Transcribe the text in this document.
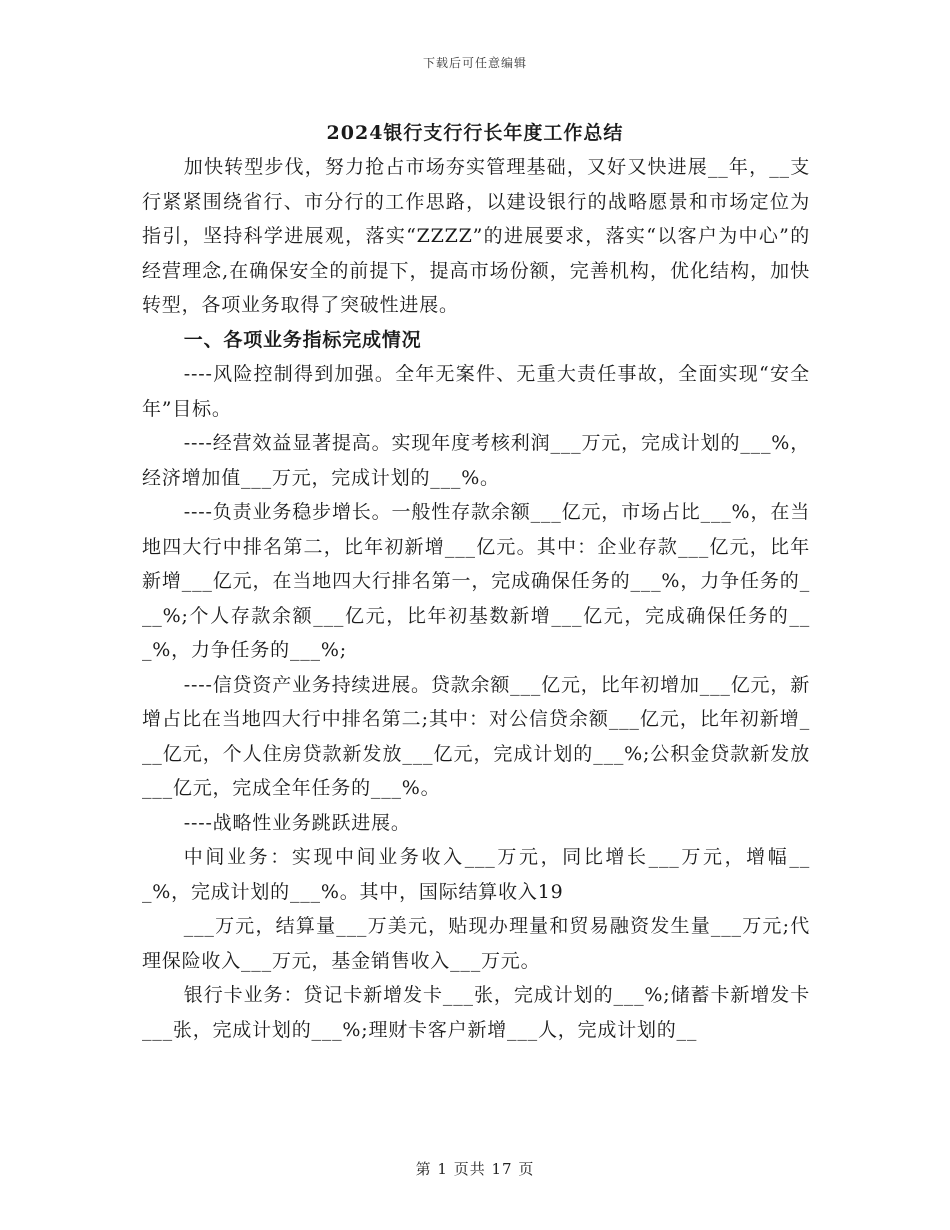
下载后可任意编辑
2024银行支行行长年度工作总结

加快转型步伐，努力抢占市场夯实管理基础，又好又快进展__年，__支行紧紧围绕省行、市分行的工作思路，以建设银行的战略愿景和市场定位为指引，坚持科学进展观，落实“ZZZZ”的进展要求，落实“以客户为中心”的经营理念,在确保安全的前提下，提高市场份额，完善机构，优化结构，加快转型，各项业务取得了突破性进展。

一、各项业务指标完成情况

----风险控制得到加强。全年无案件、无重大责任事故，全面实现“安全年”目标。

----经营效益显著提高。实现年度考核利润___万元，完成计划的___%，经济增加值___万元，完成计划的___%。

----负责业务稳步增长。一般性存款余额___亿元，市场占比___%，在当地四大行中排名第二，比年初新增___亿元。其中：企业存款___亿元，比年新增___亿元，在当地四大行排名第一，完成确保任务的___%，力争任务的___%;个人存款余额___亿元，比年初基数新增___亿元，完成确保任务的___%，力争任务的___%;

----信贷资产业务持续进展。贷款余额___亿元，比年初增加___亿元，新增占比在当地四大行中排名第二;其中：对公信贷余额___亿元，比年初新增___亿元，个人住房贷款新发放___亿元，完成计划的___%;公积金贷款新发放___亿元，完成全年任务的___%。

----战略性业务跳跃进展。

中间业务：实现中间业务收入___万元，同比增长___万元，增幅___%，完成计划的___%。其中，国际结算收入19

___万元，结算量___万美元，贴现办理量和贸易融资发生量___万元;代理保险收入___万元，基金销售收入___万元。

银行卡业务：贷记卡新增发卡___张，完成计划的___%;储蓄卡新增发卡___张，完成计划的___%;理财卡客户新增___人，完成计划的__

第 1 页共 17 页
